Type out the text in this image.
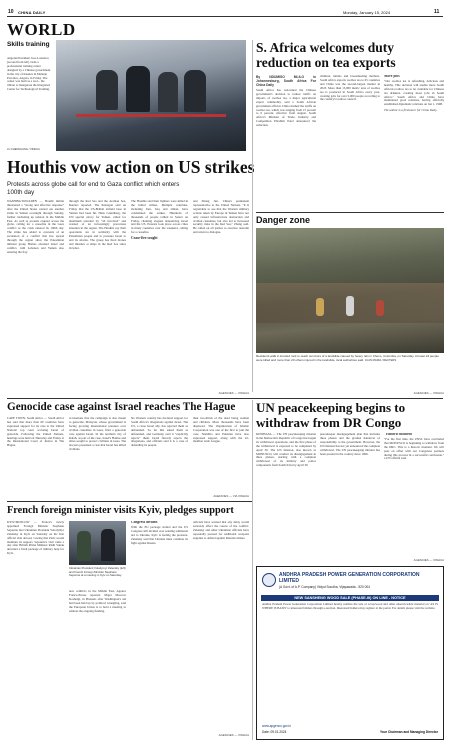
10 CHINA DAILY	Monday, January 15, 2024	11
WORLD
Skills training
Angolan President Joao Lourenco (second from left) visits a professional training center designed by a Chinese government in the city of Kuanza in Malanje Province, Angola, in Friday. The center was built as a tool... the ribbon to inaugurate the Integrated Center for Technological Training.
LU CHENGUANG / XINHUA
Houthis vow action on US strikes
Protests across globe call for end to Gaza conflict which enters 100th day

WASHINGTON/ADEN — Houthi militia threatened a "strong and effective response" after the United States carried out another strike in Yemen overnight through Sunday, further ratcheting up tension in the Middle East. As well as protests erupted across the globe, calling for a ceasefire in the Gaza conflict as the crisis entered its 100th day. The strike has added to concerns of an escalation of a conflict that has spread through the region since the Palestinian militant group Hamas attacked Israel and conflict, with Lebanon and Yemen also entering the fray.

through the Red Sea and the Arabian Sea, Reuters reported. The Pentagon said on Friday that the US-British airfield base in Yemen had been hit. Hans Grundberg, the UN special envoy for Yemen, called for maximum restraint by "all involved" and warned of an increasingly precarious situation in the region. The Houthis say their operations are in solidarity with the Palestinian people and to pressure Israel to end its attacks. The group has fired drones and missiles at ships in the Red Sea since October.

The Houthis said their fighters were killed in the initial strikes. Multiple countries, including Iran, Iraq and Oman, have condemned the strikes. Hundreds of thousands of people rallied in Sana'a on Friday, chanting slogans denouncing Israel and the US. Protests took place across cities in many countries over the weekend, calling for a ceasefire.

Cease-fire sought

and Zhang Jun, China's permanent representative to the United Nations. "It is regrettable to see that the Western military actions taken by Europe in Yemen have not only caused infrastructure destruction and civilian casualties, but also led to increased security risks in the Red Sea," Zhang said. He called on all parties to exercise restraint and return to dialogue.

AGENCIES — XINHUA
S. Africa welcomes duty reduction on tea exports

By NDUMISO MLILO in Johannesburg, South Africa For China Daily

South Africa has welcomed the Chinese government's decision to reduce tariffs on imports of rooibos tea, a major agricultural export commodity, said a South African government official. China slashed the tariffs on rooibos tea, which was ranging from 15 percent to 6 percent, effective from August. South Africa's Minister of Trade, Industry and Competition Ebrahim Patel announced the reduction.

children, infants and breastfeeding mothers. South Africa exports rooibos tea to 65 countries and China was the second-largest market in 2023. More than 15,000 metric tons of rooibos tea is produced in South Africa every year, creating jobs for over 5,000 people according to the country's rooibos council.

More jobs

"Our rooibos tea is refreshing, delicious and healthy. This decision will enable more South African rooibos tea to be available for Chinese tea drinkers, creating more jobs in South Africa." South Africa and China have maintained good relations, having officially established diplomatic relations on Jan 1, 1998.

The author is a freelancer for China Daily.

Danger zone
Residents walk in knotted rock to reach survivors of a landslide caused by heavy rain in Choco, Colombia, on Saturday. At least 24 people were killed and more than 20 others injured in the landslide, local authorities said. JUAN MARIA / REUTERS
AGENCIES — XINHUA
Genocide case against Israel reaches The Hague

CAPE TOWN, South Africa — South Africa has said that more than 60 countries have expressed support for its case at the United Nations' top court accusing Israel of genocide. Following the United Nations, hearings were held on Thursday and Friday at the International Court of Justice in The Hague.

accusations that the campaign is also meant to genocide. Malaysia, whose government is facing growing international pressure over civilian casualties in Gaza, filed a genocide case against Israel. In the northern city of Rafah, as part of the case, Israel's Hamas and allies sought to protect civilians in Gaza. The lawyers presented a case that Israel has killed civilians.

No Western country has declared support for South Africa's allegations against Israel. The US, a close Israel ally, has rejected them as unfounded. So far this asked them as unfounded, and Germany said it "explicitly rejects" them. Israel fiercely rejects the allegations, and officials said it is a case of defending its people.

than two-thirds of the dead being women and children. More thousands have been displaced. The Organization of Islamic Cooperation was one of the first to join the case. Namibia and Pakistan have also expressed support, along with the 22-member Arab League.

AGENCIES — VIA XINHUA
UN peacekeeping begins to withdraw from DR Congo

KINSHASA — The UN peacekeeping mission in the Democratic Republic of Congo has begun its withdrawal operations, and the first phase of the withdrawal is expected to be completed by April 30. The UN mission, also known as MONUSCO, will conduct its disengagement in three phases, starting with a complete withdrawal of its military and police components from South Kivu by April 30.

peacekeeper disengagement plan that includes three phases and the gradual handover of responsibility to the government. However, the UN mission has not yet announced the complete withdrawal. The UN peacekeeping mission has been present in the country since 1999.

"Historic moment"

"For the first time, the UNSC have concluded that MONUSCO is beginning to withdraw from the DRC. This is a historic moment. We will pass on effort with our Congolese partners during this process in a successful conclusion," a UN official said.

AGENCIES — XINHUA
French foreign minister visits Kyiv, pledges support

KYIV/MOSCOW — France's newly appointed Foreign Minister Stephane Sejourne met Ukrainian President Volodymyr Zelensky in Kyiv on Saturday on his first official visit abroad, vowing that Paris would maintain its support. Sejourne's visit came a day after British Prime Minister Rishi Sunak unveiled a fresh package of military help for Kyiv.

Ukrainian President Volodymyr Zelensky (left) and French Foreign Minister Stephane Sejourne at a meeting in Kyiv on Saturday.

new conflicts in the Middle East, Agence France-Presse reported. Major Moscow Koshelgi, in Brussels after Washington's aid had been held up by political wrangling, said the European Union is to hold a meeting to address the ongoing funding.

Congress divided

With the EU package stalled and the US Congress still divided over sending additional aid to Ukraine, Kyiv is feeling the pressure. Zelensky said that Ukraine must continue its fight against Russia.

officials have warned that any delay would seriously affect the course of the conflict. Zelensky and other Ukrainian officials have repeatedly pressed for additional weapons supplies to defend against Russian strikes.

AGENCIES — XINHUA
ANDHRA PRADESH POWER GENERATION CORPORATION LIMITED
(A Govt. of A.P. Company) Vidyut Soudha, Vijayawada - 520 004
NEW SANSHENG WOOD SALE (PHASE-III) ON LINE - NOTICE
Andhra Pradesh Power Generation Corporation Limited hereby notifies the sale of scrap/wood and other unserviceable material on 'AS IS WHERE IS BASIS' to interested bidders through e-auction. Interested bidders may register at the portal. For details please visit the website.
www.apgenco.gov.in
Date: 09.01.2024	Your Chairman and Managing Director
